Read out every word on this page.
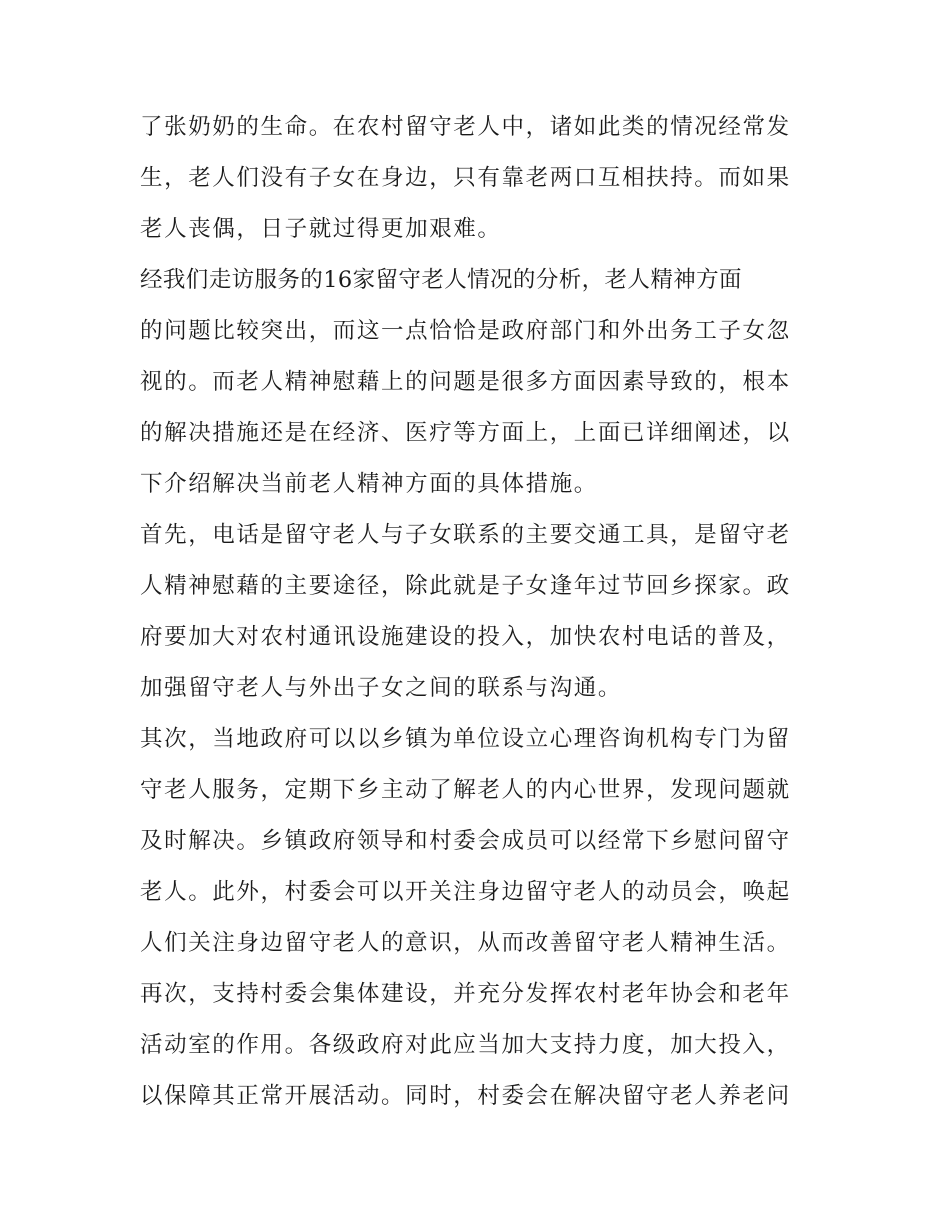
了张奶奶的生命。在农村留守老人中，诸如此类的情况经常发
生，老人们没有子女在身边，只有靠老两口互相扶持。而如果
老人丧偶，日子就过得更加艰难。
经我们走访服务的16家留守老人情况的分析，老人精神方面
的问题比较突出，而这一点恰恰是政府部门和外出务工子女忽
视的。而老人精神慰藉上的问题是很多方面因素导致的，根本
的解决措施还是在经济、医疗等方面上，上面已详细阐述，以
下介绍解决当前老人精神方面的具体措施。
首先，电话是留守老人与子女联系的主要交通工具，是留守老
人精神慰藉的主要途径，除此就是子女逢年过节回乡探家。政
府要加大对农村通讯设施建设的投入，加快农村电话的普及，
加强留守老人与外出子女之间的联系与沟通。
其次，当地政府可以以乡镇为单位设立心理咨询机构专门为留
守老人服务，定期下乡主动了解老人的内心世界，发现问题就
及时解决。乡镇政府领导和村委会成员可以经常下乡慰问留守
老人。此外，村委会可以开关注身边留守老人的动员会，唤起
人们关注身边留守老人的意识，从而改善留守老人精神生活。
再次，支持村委会集体建设，并充分发挥农村老年协会和老年
活动室的作用。各级政府对此应当加大支持力度，加大投入，
以保障其正常开展活动。同时，村委会在解决留守老人养老问
